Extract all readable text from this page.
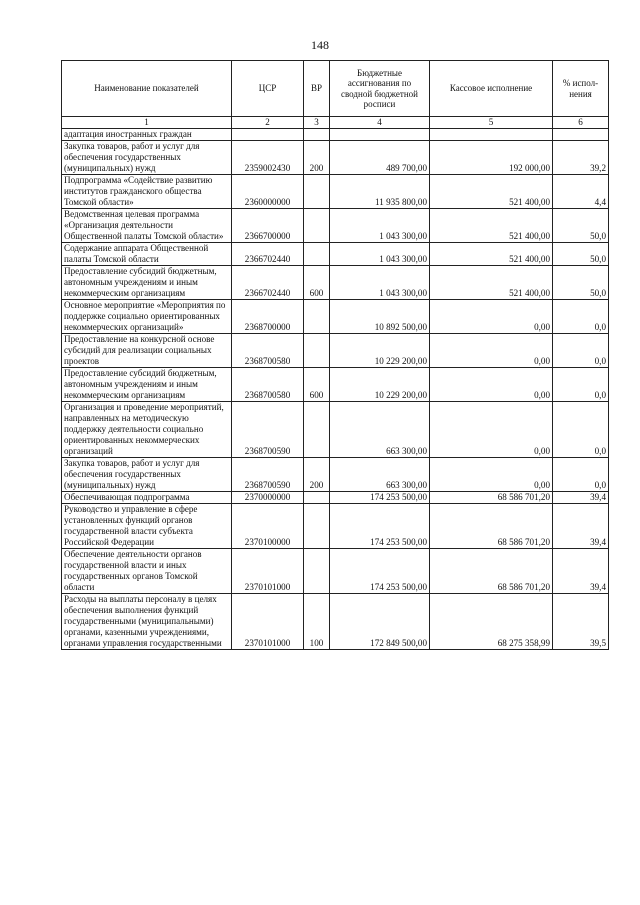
148
Наименование показателей	ЦСР	ВР	Бюджетные ассигнования по сводной бюджетной росписи	Кассовое исполнение	% испол-нения
1	2	3	4	5	6
адаптация иностранных граждан					
Закупка товаров, работ и услуг для обеспечения государственных (муниципальных) нужд	2359002430	200	489 700,00	192 000,00	39,2
Подпрограмма «Содействие развитию институтов гражданского общества Томской области»	2360000000		11 935 800,00	521 400,00	4,4
Ведомственная целевая программа «Организация деятельности Общественной палаты Томской области»	2366700000		1 043 300,00	521 400,00	50,0
Содержание аппарата Общественной палаты Томской области	2366702440		1 043 300,00	521 400,00	50,0
Предоставление субсидий бюджетным, автономным учреждениям и иным некоммерческим организациям	2366702440	600	1 043 300,00	521 400,00	50,0
Основное мероприятие «Мероприятия по поддержке социально ориентированных некоммерческих организаций»	2368700000		10 892 500,00	0,00	0,0
Предоставление на конкурсной основе субсидий для реализации социальных проектов	2368700580		10 229 200,00	0,00	0,0
Предоставление субсидий бюджетным, автономным учреждениям и иным некоммерческим организациям	2368700580	600	10 229 200,00	0,00	0,0
Организация и проведение мероприятий, направленных на методическую поддержку деятельности социально ориентированных некоммерческих организаций	2368700590		663 300,00	0,00	0,0
Закупка товаров, работ и услуг для обеспечения государственных (муниципальных) нужд	2368700590	200	663 300,00	0,00	0,0
Обеспечивающая подпрограмма	2370000000		174 253 500,00	68 586 701,20	39,4
Руководство и управление в сфере установленных функций органов государственной власти субъекта Российской Федерации	2370100000		174 253 500,00	68 586 701,20	39,4
Обеспечение деятельности органов государственной власти и иных государственных органов Томской области	2370101000		174 253 500,00	68 586 701,20	39,4
Расходы на выплаты персоналу в целях обеспечения выполнения функций государственными (муниципальными) органами, казенными учреждениями, органами управления государственными	2370101000	100	172 849 500,00	68 275 358,99	39,5
